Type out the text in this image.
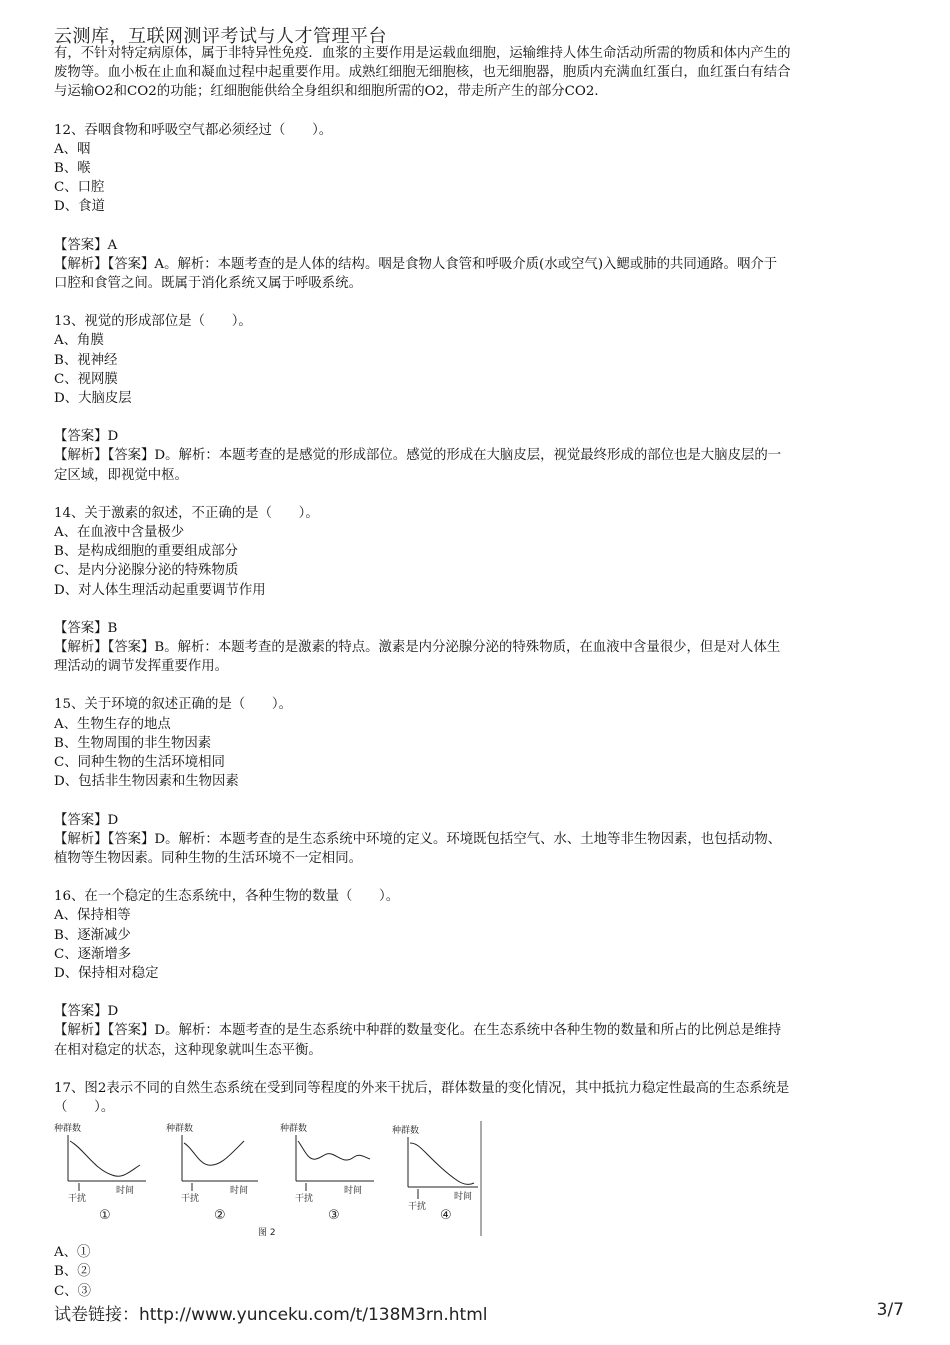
云测库，互联网测评考试与人才管理平台

有，不针对特定病原体，属于非特异性免疫．血浆的主要作用是运载血细胞，运输维持人体生命活动所需的物质和体内产生的

废物等。血小板在止血和凝血过程中起重要作用。成熟红细胞无细胞核，也无细胞器，胞质内充满血红蛋白，血红蛋白有结合

与运输O2和CO2的功能；红细胞能供给全身组织和细胞所需的O2，带走所产生的部分CO2．

12、吞咽食物和呼吸空气都必须经过（　　）。

A、咽

B、喉

C、口腔

D、食道

【答案】A

【解析】【答案】A。解析：本题考查的是人体的结构。咽是食物人食管和呼吸介质(水或空气)入鳃或肺的共同通路。咽介于

口腔和食管之间。既属于消化系统又属于呼吸系统。

13、视觉的形成部位是（　　）。

A、角膜

B、视神经

C、视网膜

D、大脑皮层

【答案】D

【解析】【答案】D。解析：本题考查的是感觉的形成部位。感觉的形成在大脑皮层，视觉最终形成的部位也是大脑皮层的一

定区域，即视觉中枢。

14、关于激素的叙述，不正确的是（　　）。

A、在血液中含量极少

B、是构成细胞的重要组成部分

C、是内分泌腺分泌的特殊物质

D、对人体生理活动起重要调节作用

【答案】B

【解析】【答案】B。解析：本题考查的是激素的特点。激素是内分泌腺分泌的特殊物质，在血液中含量很少，但是对人体生

理活动的调节发挥重要作用。

15、关于环境的叙述正确的是（　　）。

A、生物生存的地点

B、生物周围的非生物因素

C、同种生物的生活环境相同

D、包括非生物因素和生物因素

【答案】D

【解析】【答案】D。解析：本题考查的是生态系统中环境的定义。环境既包括空气、水、土地等非生物因素，也包括动物、

植物等生物因素。同种生物的生活环境不一定相同。

16、在一个稳定的生态系统中，各种生物的数量（　　）。

A、保持相等

B、逐渐减少

C、逐渐增多

D、保持相对稳定

【答案】D

【解析】【答案】D。解析：本题考查的是生态系统中种群的数量变化。在生态系统中各种生物的数量和所占的比例总是维持

在相对稳定的状态，这种现象就叫生态平衡。

17、图2表示不同的自然生态系统在受到同等程度的外来干扰后，群体数量的变化情况，其中抵抗力稳定性最高的生态系统是

（　　）。

种群数
干扰
时间
①
种群数
干扰
时间
②
种群数
干扰
时间
③
种群数
干扰
时间
④
图 2

A、①

B、②

C、③

试卷链接：http://www.yunceku.com/t/138M3rn.html	3/7
